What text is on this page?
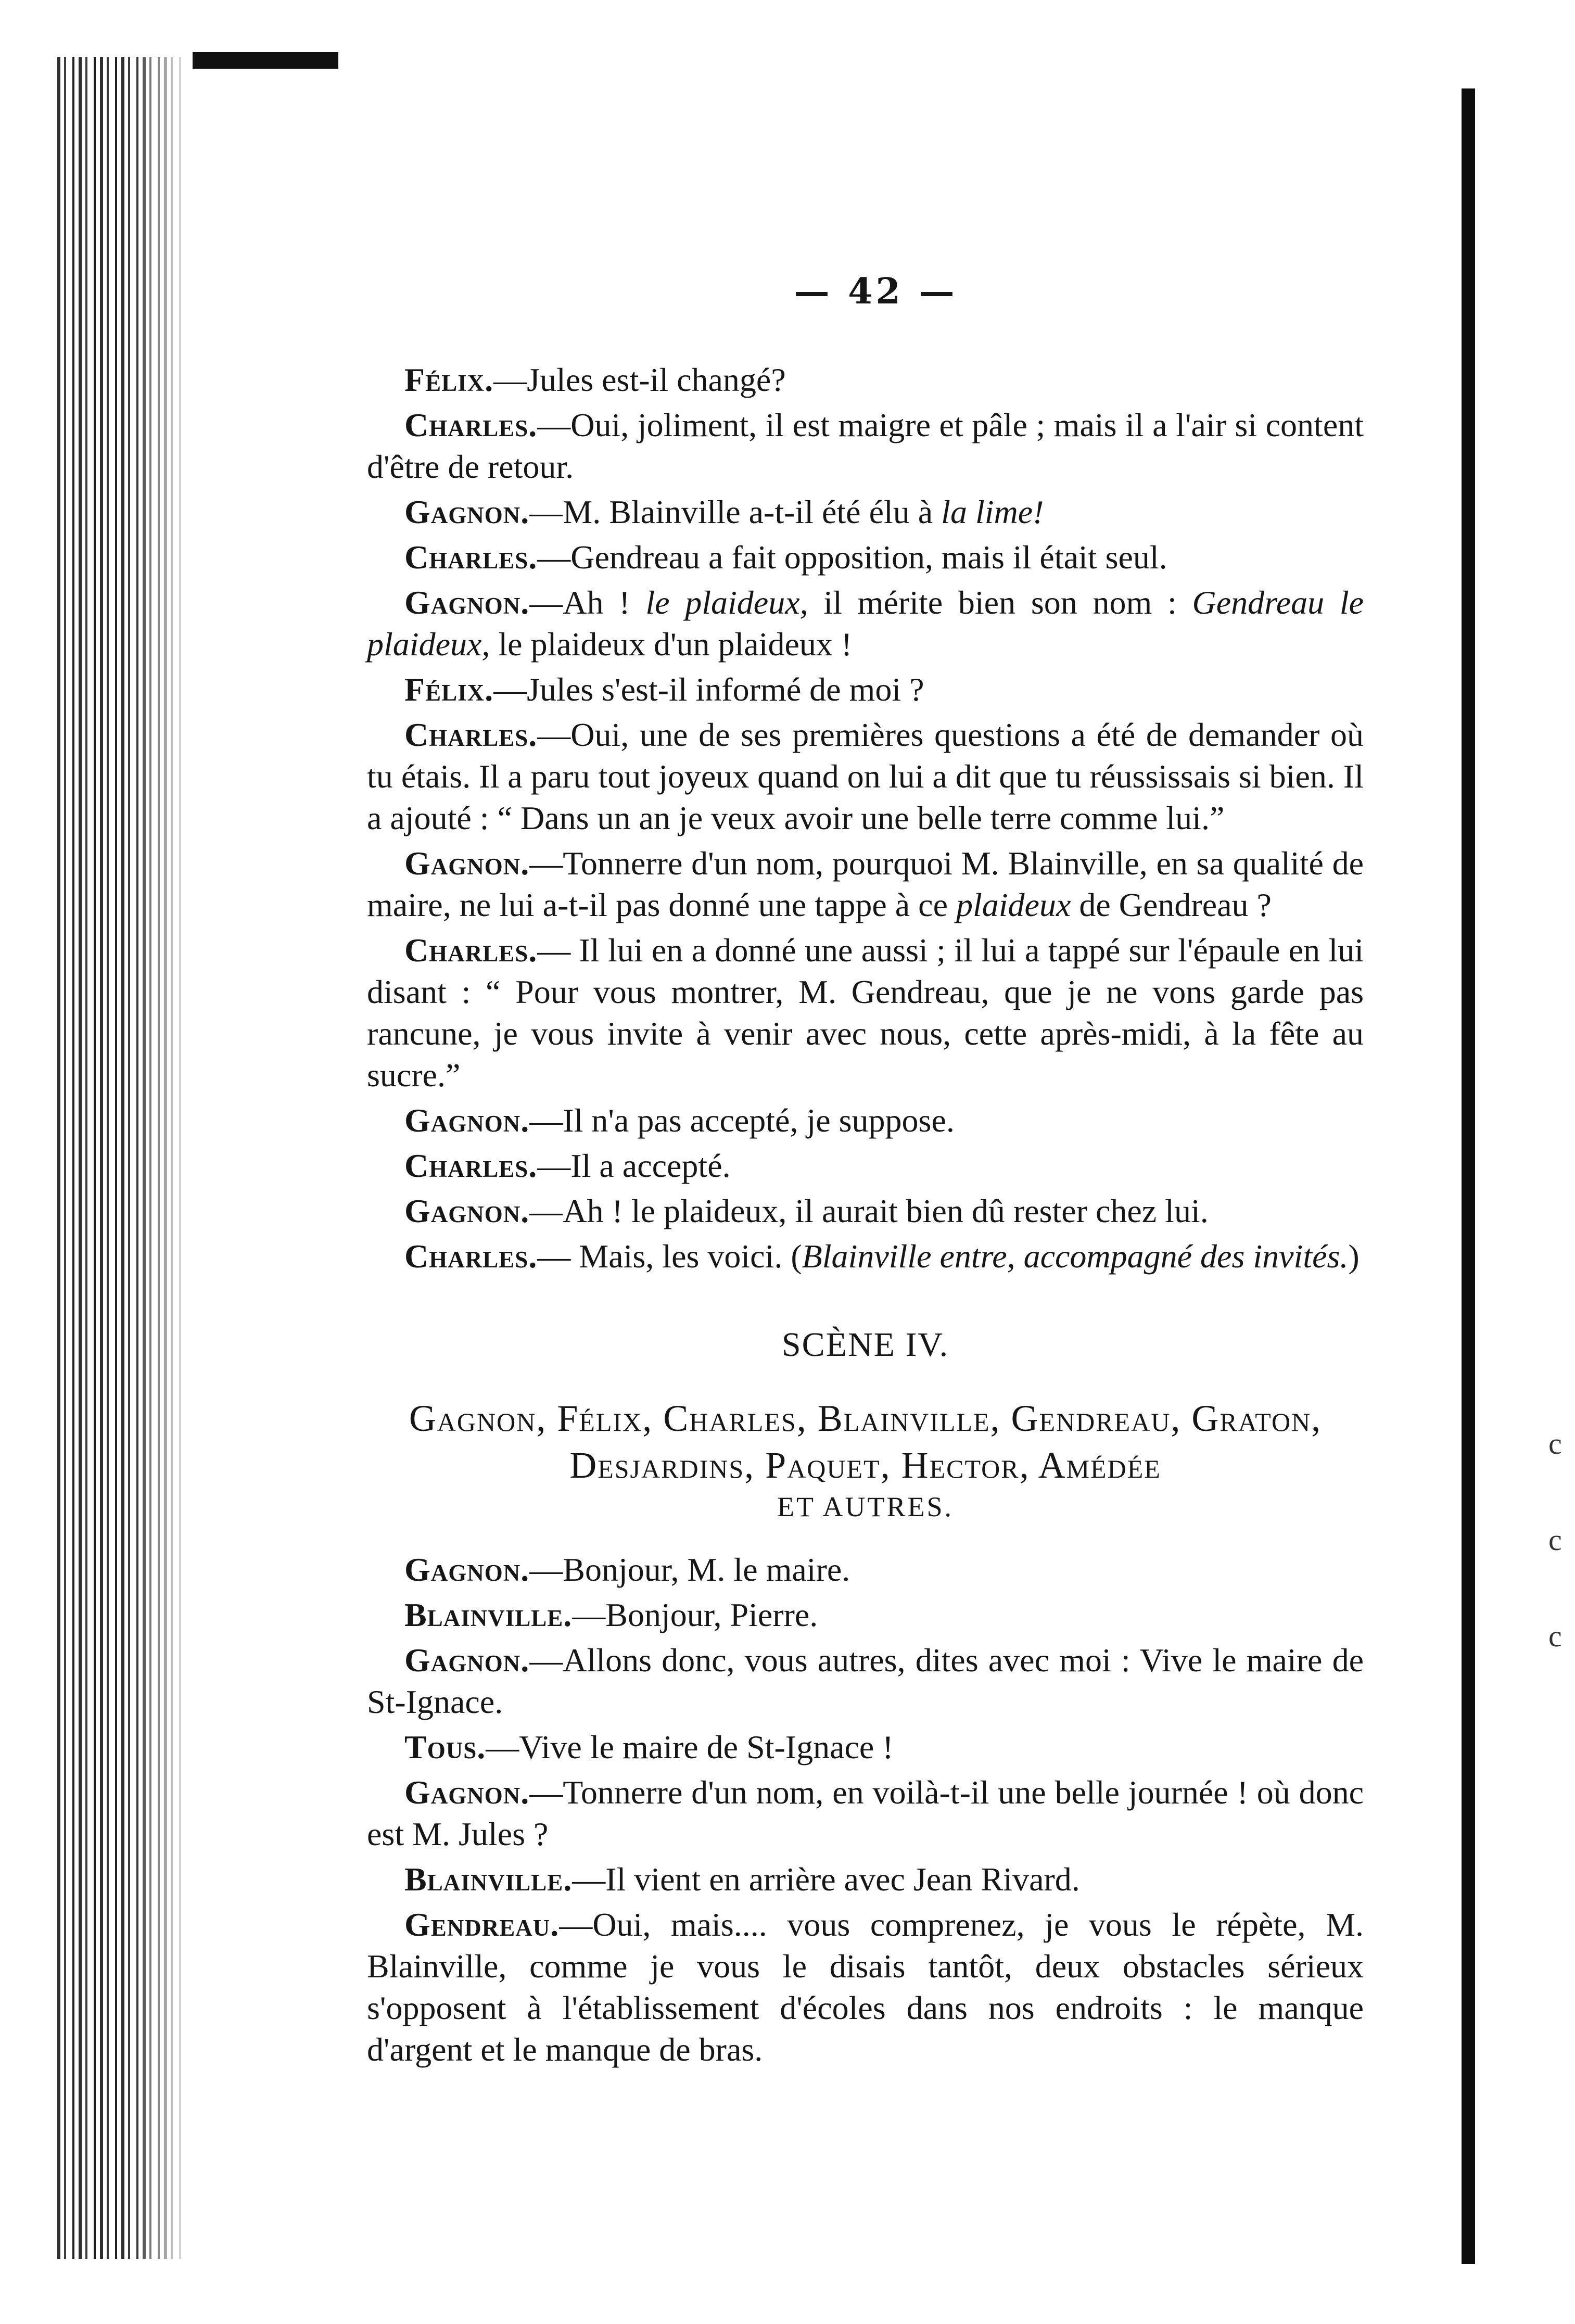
c
c
c
— 42 —

Félix.—Jules est-il changé?

Charles.—Oui, joliment, il est maigre et pâle ; mais il a l'air si content d'être de retour.

Gagnon.—M. Blainville a-t-il été élu à la lime!

Charles.—Gendreau a fait opposition, mais il était seul.

Gagnon.—Ah ! le plaideux, il mérite bien son nom : Gendreau le plaideux, le plaideux d'un plaideux !

Félix.—Jules s'est-il informé de moi ?

Charles.—Oui, une de ses premières questions a été de demander où tu étais. Il a paru tout joyeux quand on lui a dit que tu réussissais si bien. Il a ajouté : “ Dans un an je veux avoir une belle terre comme lui.”

Gagnon.—Tonnerre d'un nom, pourquoi M. Blainville, en sa qualité de maire, ne lui a-t-il pas donné une tappe à ce plaideux de Gendreau ?

Charles.— Il lui en a donné une aussi ; il lui a tappé sur l'épaule en lui disant : “ Pour vous montrer, M. Gendreau, que je ne vons garde pas rancune, je vous invite à venir avec nous, cette après-midi, à la fête au sucre.”

Gagnon.—Il n'a pas accepté, je suppose.

Charles.—Il a accepté.

Gagnon.—Ah ! le plaideux, il aurait bien dû rester chez lui.

Charles.— Mais, les voici. (Blainville entre, accompagné des invités.)

SCÈNE IV.
Gagnon, Félix, Charles, Blainville, Gendreau, Graton, Desjardins, Paquet, Hector, Amédée
ET AUTRES.

Gagnon.—Bonjour, M. le maire.

Blainville.—Bonjour, Pierre.

Gagnon.—Allons donc, vous autres, dites avec moi : Vive le maire de St-Ignace.

Tous.—Vive le maire de St-Ignace !

Gagnon.—Tonnerre d'un nom, en voilà-t-il une belle journée ! où donc est M. Jules ?

Blainville.—Il vient en arrière avec Jean Rivard.

Gendreau.—Oui, mais.... vous comprenez, je vous le répète, M. Blainville, comme je vous le disais tantôt, deux obstacles sérieux s'opposent à l'établissement d'écoles dans nos endroits : le manque d'argent et le manque de bras.
